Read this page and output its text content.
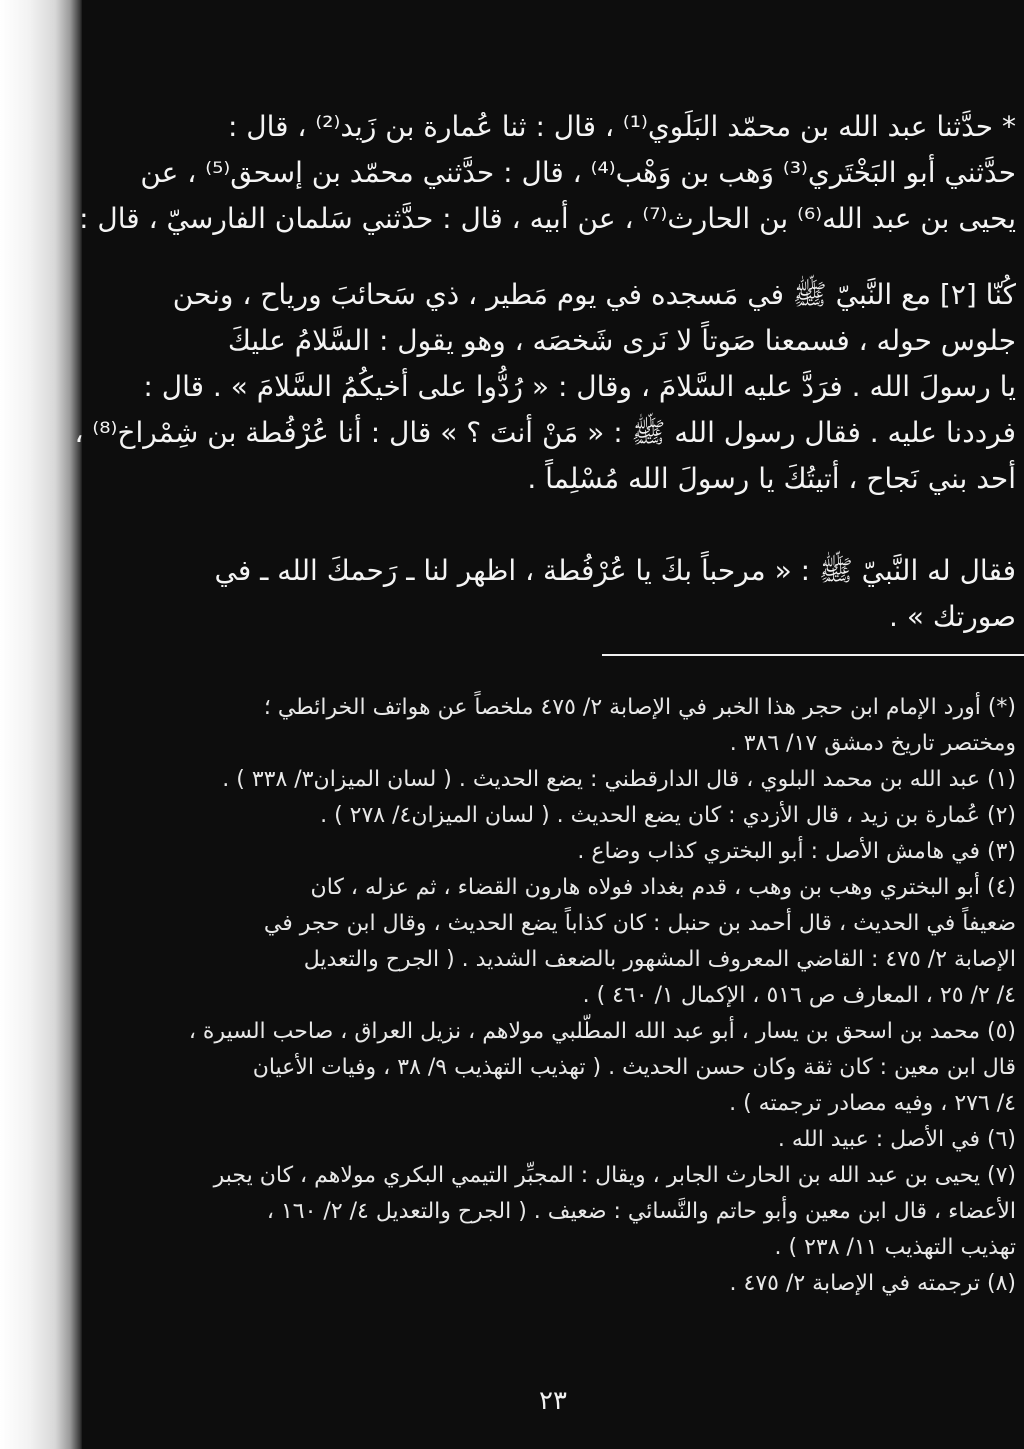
* حدَّثنا عبد الله بن محمّد البَلَوي⁽¹⁾ ، قال : ثنا عُمارة بن زَيد⁽²⁾ ، قال :
حدَّثني أبو البَخْتَري⁽³⁾ وَهب بن وَهْب⁽⁴⁾ ، قال : حدَّثني محمّد بن إسحق⁽⁵⁾ ، عن
يحيى بن عبد الله⁽⁶⁾ بن الحارث⁽⁷⁾ ، عن أبيه ، قال : حدَّثني سَلمان الفارسيّ ، قال :
كُنّا [٢] مع النَّبيّ ﷺ في مَسجده في يوم مَطير ، ذي سَحائبَ ورياح ، ونحن
جلوس حوله ، فسمعنا صَوتاً لا نَرى شَخصَه ، وهو يقول : السَّلامُ عليكَ
يا رسولَ الله . فرَدَّ عليه السَّلامَ ، وقال : « رُدُّوا على أخيكُمُ السَّلامَ » . قال :
فرددنا عليه . فقال رسول الله ﷺ : « مَنْ أنتَ ؟ » قال : أنا عُرْفُطة بن شِمْراخ⁽⁸⁾ ،
أحد بني نَجاح ، أتيتُكَ يا رسولَ الله مُسْلِماً .
فقال له النَّبيّ ﷺ : « مرحباً بكَ يا عُرْفُطة ، اظهر لنا ـ رَحمكَ الله ـ في
صورتك » .
(*) أورد الإمام ابن حجر هذا الخبر في الإصابة ٢/ ٤٧٥ ملخصاً عن هواتف الخرائطي ؛
ومختصر تاريخ دمشق ١٧/ ٣٨٦ .
(١) عبد الله بن محمد البلوي ، قال الدارقطني : يضع الحديث . ( لسان الميزان٣/ ٣٣٨ ) .
(٢) عُمارة بن زيد ، قال الأزدي : كان يضع الحديث . ( لسان الميزان٤/ ٢٧٨ ) .
(٣) في هامش الأصل : أبو البختري كذاب وضاع .
(٤) أبو البختري وهب بن وهب ، قدم بغداد فولاه هارون القضاء ، ثم عزله ، كان
ضعيفاً في الحديث ، قال أحمد بن حنبل : كان كذاباً يضع الحديث ، وقال ابن حجر في
الإصابة ٢/ ٤٧٥ : القاضي المعروف المشهور بالضعف الشديد . ( الجرح والتعديل
٤/ ٢/ ٢٥ ، المعارف ص ٥١٦ ، الإكمال ١/ ٤٦٠ ) .
(٥) محمد بن اسحق بن يسار ، أبو عبد الله المطّلبي مولاهم ، نزيل العراق ، صاحب السيرة ،
قال ابن معين : كان ثقة وكان حسن الحديث . ( تهذيب التهذيب ٩/ ٣٨ ، وفيات الأعيان
٤/ ٢٧٦ ، وفيه مصادر ترجمته ) .
(٦) في الأصل : عبيد الله .
(٧) يحيى بن عبد الله بن الحارث الجابر ، ويقال : المجبِّر التيمي البكري مولاهم ، كان يجبر
الأعضاء ، قال ابن معين وأبو حاتم والنَّسائي : ضعيف . ( الجرح والتعديل ٤/ ٢/ ١٦٠ ،
تهذيب التهذيب ١١/ ٢٣٨ ) .
(٨) ترجمته في الإصابة ٢/ ٤٧٥ .
٢٣
